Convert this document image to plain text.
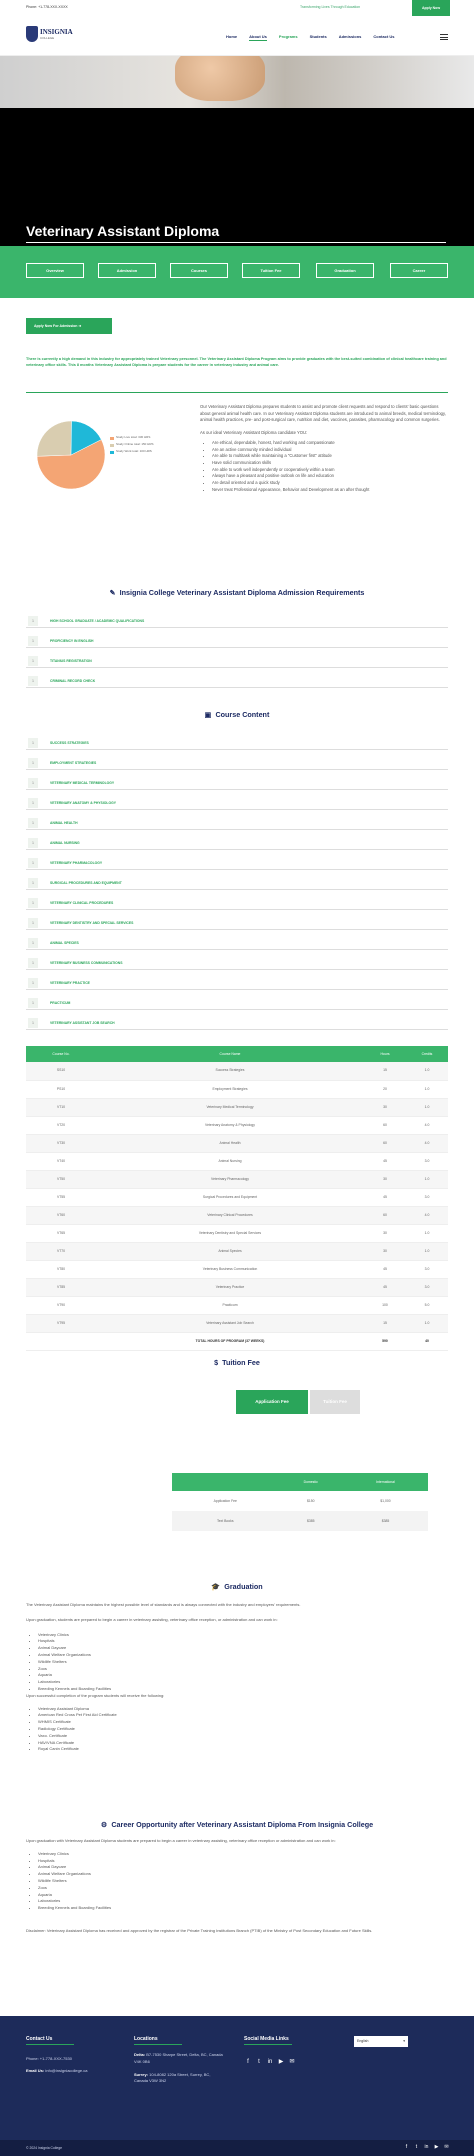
Phone: +1-778-XXX-XXXX	Transforming Lives Through Education	Apply Now
INSIGNIA
COLLEGE	Home	About Us	Programs	Students	Admissions	Contact Us
Veterinary Assistant Diploma
Overview	Admission	Courses	Tuition Fee	Graduation	Career
Apply Now For Admission ➜
There is currently a high demand in this industry for appropriately trained Veterinary personnel. The Veterinary Assistant Diploma Program aims to provide graduates with the best-suited combination of clinical healthcare training and veterinary office skills. This 8 months Veterinary Assistant Diploma is prepare students for the career in veterinary industry and animal care.
Study Live total: 330 HRS
Study Online total: 150 HRS
Study Work total: 100 HRS

Our Veterinary Assistant Diploma prepares students to assist and promote client requests and respond to clients' basic questions about general animal health care. In our Veterinary Assistant Diploma students are introduced to animal breeds, medical terminology, animal health practices, pre- and post-surgical care, nutrition and diet, vaccines, parasites, pharmacology and common surgeries.

As our ideal Veterinary Assistant Diploma candidate YOU:

• Are ethical, dependable, honest, hard working and compassionate
• Are an active community minded individual
• Are able to multitask while maintaining a "Customer first" attitude
• Have solid communication skills
• Are able to work well independently or cooperatively within a team
• Always have a pleasant and positive outlook on life and education
• Are detail oriented and a quick study
• Never treat Professional Appearance, Behavior and Development as an after thought
✎ Insignia College Veterinary Assistant Diploma Admission Requirements
1	HIGH SCHOOL GRADUATE / ACADEMIC QUALIFICATIONS
1	PROFICIENCY IN ENGLISH
1	TITANIUS REGISTRATION
1	CRIMINAL RECORD CHECK
▣ Course Content
1	SUCCESS STRATEGIES
1	EMPLOYMENT STRATEGIES
1	VETERINARY MEDICAL TERMINOLOGY
1	VETERINARY ANATOMY & PHYSIOLOGY
1	ANIMAL HEALTH
1	ANIMAL NURSING
1	VETERINARY PHARMACOLOGY
1	SURGICAL PROCEDURES AND EQUIPMENT
1	VETERINARY CLINICAL PROCEDURES
1	VETERINARY DENTISTRY AND SPECIAL SERVICES
1	ANIMAL SPECIES
1	VETERINARY BUSINESS COMMUNICATIONS
1	VETERINARY PRACTICE
1	PRACTICUM
1	VETERINARY ASSISTANT JOB SEARCH
Course No.	Course Name	Hours	Credits
SS10	Success Strategies	15	1.0
PS10	Employment Strategies	20	1.0
VT10	Veterinary Medical Terminology	30	1.0
VT20	Veterinary Anatomy & Physiology	60	4.0
VT30	Animal Health	60	4.0
VT40	Animal Nursing	45	3.0
VT50	Veterinary Pharmacology	30	1.0
VT55	Surgical Procedures and Equipment	45	3.0
VT60	Veterinary Clinical Procedures	60	4.0
VT65	Veterinary Dentistry and Special Services	30	1.0
VT70	Animal Species	30	1.0
VT80	Veterinary Business Communication	45	3.0
VT85	Veterinary Practice	45	3.0
VT90	Practicum	100	5.0
VT95	Veterinary Assistant Job Search	15	1.0
	TOTAL HOURS OF PROGRAM (37 WEEKS)	590	40
$ Tuition Fee
Application Fee	Tuition Fee
	Domestic	International
Application Fee	$150	$1,000
Text Books	$385	$385
🎓 Graduation

The Veterinary Assistant Diploma maintains the highest possible level of standards and is always connected with the industry and employers' requirements.

Upon graduation, students are prepared to begin a career in veterinary assisting, veterinary office reception, or administration and can work in:

• Veterinary Clinics
• Hospitals
• Animal Daycare
• Animal Welfare Organizations
• Wildlife Shelters
• Zoos
• Aquaria
• Laboratories
• Breeding Kennels and Boarding Facilities

Upon successful completion of the program students will receive the following:

• Veterinary Assistant Diploma
• American Red Cross Pet First Aid Certificate
• WHMIS Certificate
• Radiology Certificate
• Vaxo. Certificate
• HAV/VNA Certificate
• Royal Canin Certificate
⚙ Career Opportunity after Veterinary Assistant Diploma From Insignia College

Upon graduation with Veterinary Assistant Diploma students are prepared to begin a career in veterinary assisting, veterinary office reception or administration and can work in:

• Veterinary Clinics
• Hospitals
• Animal Daycare
• Animal Welfare Organizations
• Wildlife Shelters
• Zoos
• Aquaria
• Laboratories
• Breeding Kennels and Boarding Facilities

Disclaimer: Veterinary Assistant Diploma has received and approved by the registrar of the Private Training Institutions Branch (PTIB) of the Ministry of Post Secondary Education and Future Skills.

Contact Us
Phone: +1-778-XXX-7530
Email Us: info@insigniacollege.ca
Locations
Delta: B7-7530 Sharpe Street, Delta, BC, Canada V4K 0B6
Surrey: 104-8082 120a Street, Surrey, BC, Canada V3W 3N2
Social Media Links
f t in ▶ ✉
English ▾
© 2024 Insignia College	f t in ▶ ✉
